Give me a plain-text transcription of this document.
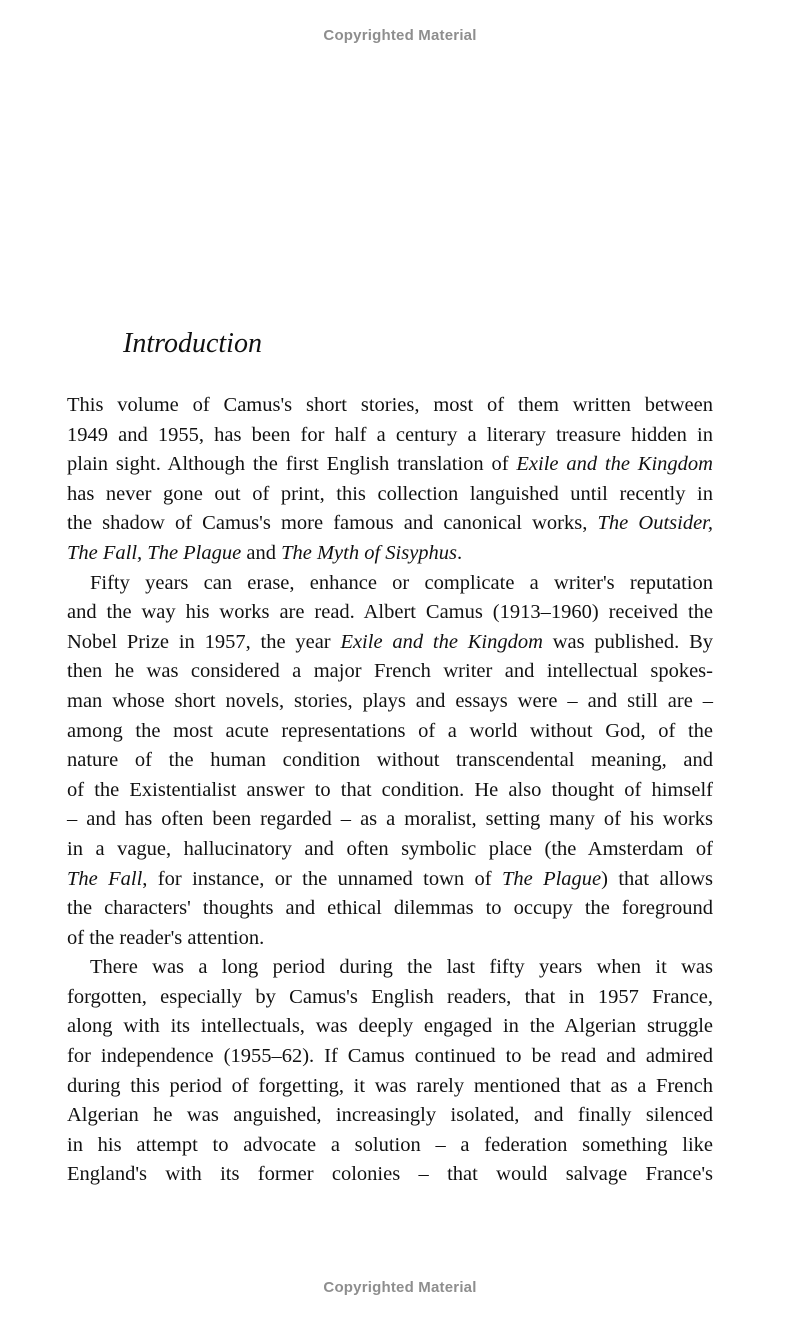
Copyrighted Material
Introduction
This volume of Camus's short stories, most of them written between
1949 and 1955, has been for half a century a literary treasure hidden in
plain sight. Although the first English translation of Exile and the Kingdom
has never gone out of print, this collection languished until recently in
the shadow of Camus's more famous and canonical works, The Outsider,
The Fall, The Plague and The Myth of Sisyphus.
Fifty years can erase, enhance or complicate a writer's reputation
and the way his works are read. Albert Camus (1913–1960) received the
Nobel Prize in 1957, the year Exile and the Kingdom was published. By
then he was considered a major French writer and intellectual spokes-
man whose short novels, stories, plays and essays were – and still are –
among the most acute representations of a world without God, of the
nature of the human condition without transcendental meaning, and
of the Existentialist answer to that condition. He also thought of himself
– and has often been regarded – as a moralist, setting many of his works
in a vague, hallucinatory and often symbolic place (the Amsterdam of
The Fall, for instance, or the unnamed town of The Plague) that allows
the characters' thoughts and ethical dilemmas to occupy the foreground
of the reader's attention.
There was a long period during the last fifty years when it was
forgotten, especially by Camus's English readers, that in 1957 France,
along with its intellectuals, was deeply engaged in the Algerian struggle
for independence (1955–62). If Camus continued to be read and admired
during this period of forgetting, it was rarely mentioned that as a French
Algerian he was anguished, increasingly isolated, and finally silenced
in his attempt to advocate a solution – a federation something like
England's with its former colonies – that would salvage France's
Copyrighted Material
